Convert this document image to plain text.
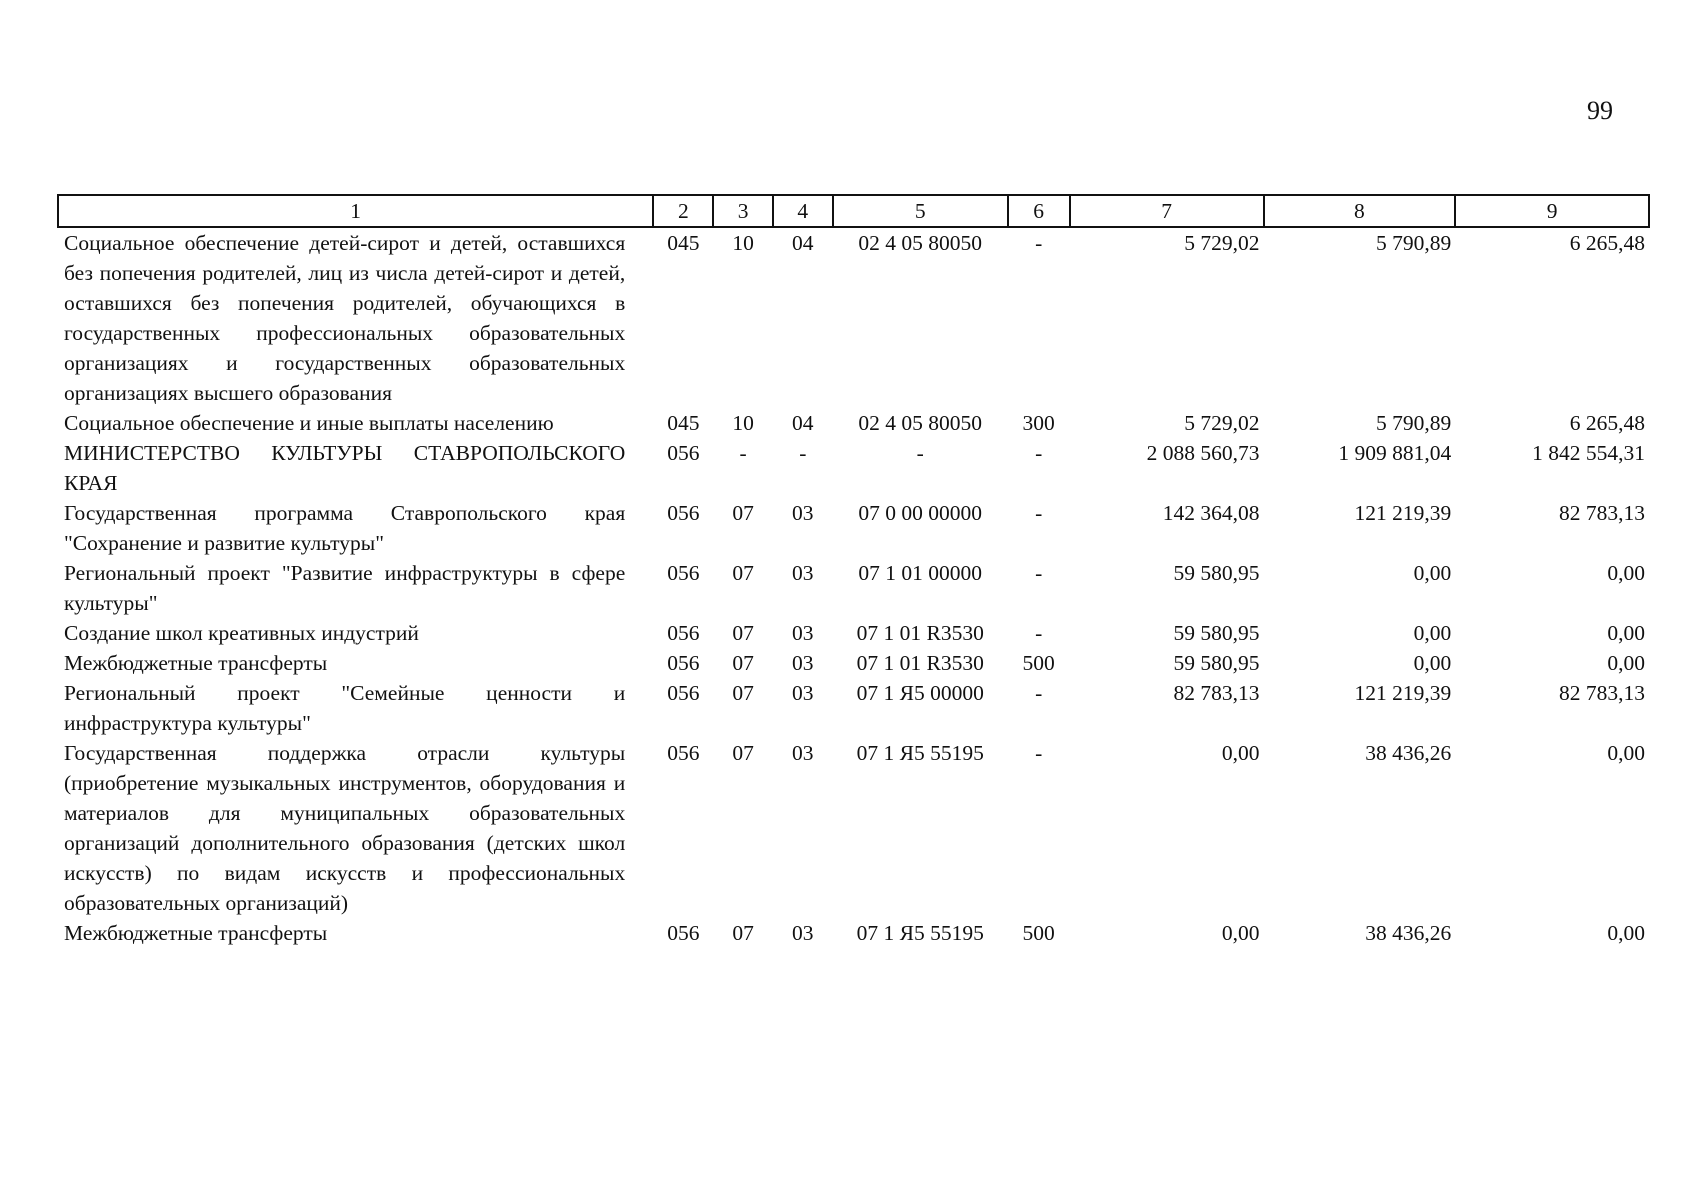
99
1	2	3	4	5	6	7	8	9
Социальное обеспечение детей-сирот и детей, оставшихся без попечения родителей, лиц из числа детей-сирот и детей, оставшихся без попечения родителей, обучающихся в государственных профессиональных образовательных организациях и государственных образовательных организациях высшего образования	045	10	04	02 4 05 80050	-	5 729,02	5 790,89	6 265,48
Социальное обеспечение и иные выплаты населению	045	10	04	02 4 05 80050	300	5 729,02	5 790,89	6 265,48
МИНИСТЕРСТВО КУЛЬТУРЫ СТАВРОПОЛЬСКОГО КРАЯ	056	-	-	-	-	2 088 560,73	1 909 881,04	1 842 554,31
Государственная программа Ставропольского края "Сохранение и развитие культуры"	056	07	03	07 0 00 00000	-	142 364,08	121 219,39	82 783,13
Региональный проект "Развитие инфраструктуры в сфере культуры"	056	07	03	07 1 01 00000	-	59 580,95	0,00	0,00
Создание школ креативных индустрий	056	07	03	07 1 01 R3530	-	59 580,95	0,00	0,00
Межбюджетные трансферты	056	07	03	07 1 01 R3530	500	59 580,95	0,00	0,00
Региональный проект "Семейные ценности и инфраструктура культуры"	056	07	03	07 1 Я5 00000	-	82 783,13	121 219,39	82 783,13
Государственная поддержка отрасли культуры (приобретение музыкальных инструментов, оборудования и материалов для муниципальных образовательных организаций дополнительного образования (детских школ искусств) по видам искусств и профессиональных образовательных организаций)	056	07	03	07 1 Я5 55195	-	0,00	38 436,26	0,00
Межбюджетные трансферты	056	07	03	07 1 Я5 55195	500	0,00	38 436,26	0,00
